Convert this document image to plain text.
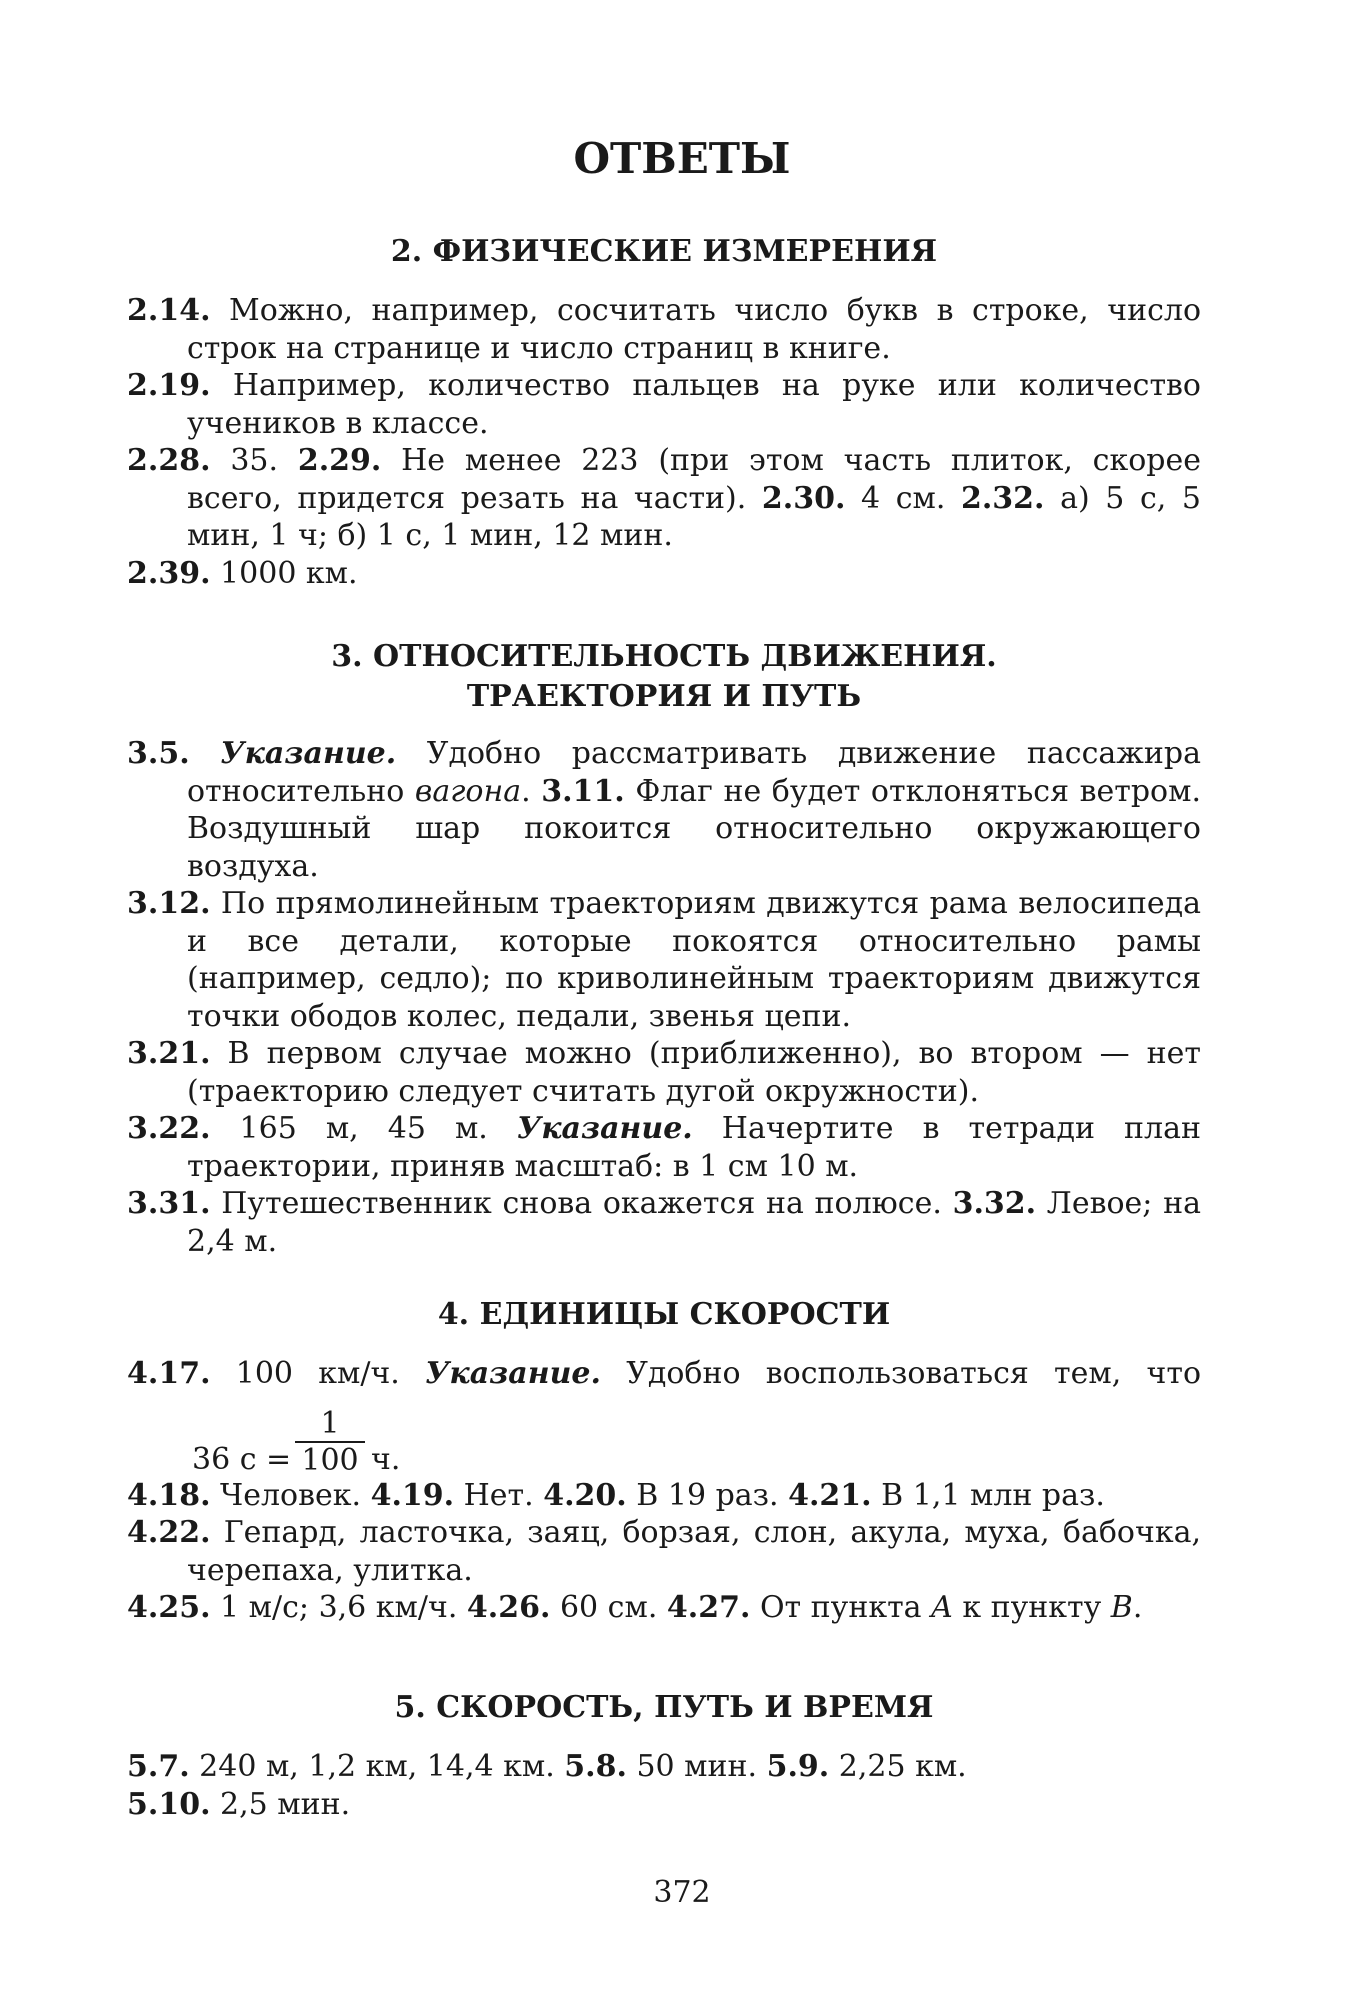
ОТВЕТЫ
2. ФИЗИЧЕСКИЕ ИЗМЕРЕНИЯ

2.14. Можно, например, сосчитать число букв в строке, число строк на странице и число страниц в книге.

2.19. Например, количество пальцев на руке или количество учеников в классе.

2.28. 35. 2.29. Не менее 223 (при этом часть плиток, скорее всего, придется резать на части). 2.30. 4 см. 2.32. а) 5 с, 5 мин, 1 ч; б) 1 с, 1 мин, 12 мин.

2.39. 1000 км.

3. ОТНОСИТЕЛЬНОСТЬ ДВИЖЕНИЯ.
ТРАЕКТОРИЯ И ПУТЬ

3.5. Указание. Удобно рассматривать движение пассажира относительно вагона. 3.11. Флаг не будет отклоняться ветром. Воздушный шар покоится относительно окружающего воздуха.

3.12. По прямолинейным траекториям движутся рама велосипеда и все детали, которые покоятся относительно рамы (например, седло); по криволинейным траекториям движутся точки ободов колес, педали, звенья цепи.

3.21. В первом случае можно (приближенно), во втором — нет (траекторию следует считать дугой окружности).

3.22. 165 м, 45 м. Указание. Начертите в тетради план траектории, приняв масштаб: в 1 см 10 м.

3.31. Путешественник снова окажется на полюсе. 3.32. Левое; на 2,4 м.

4. ЕДИНИЦЫ СКОРОСТИ

4.17. 100 км/ч. Указание. Удобно воспользоваться тем, что

36 $с = \frac{1}{100} ч$.

4.18. Человек. 4.19. Нет. 4.20. В 19 раз. 4.21. В 1,1 млн раз.

4.22. Гепард, ласточка, заяц, борзая, слон, акула, муха, бабочка, черепаха, улитка.

4.25. 1 м/с; 3,6 км/ч. 4.26. 60 см. 4.27. От пункта A к пункту B.

5. СКОРОСТЬ, ПУТЬ И ВРЕМЯ

5.7. 240 м, 1,2 км, 14,4 км. 5.8. 50 мин. 5.9. 2,25 км.

5.10. 2,5 мин.

372
